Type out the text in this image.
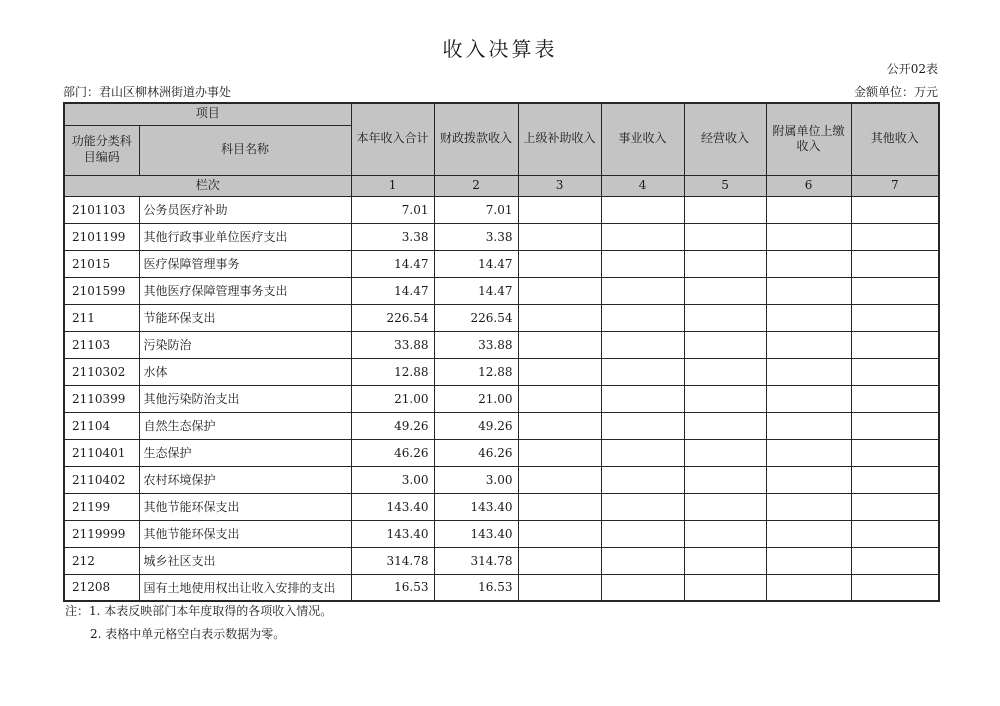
收入决算表
公开02表
部门：君山区柳林洲街道办事处	金额单位：万元
项目		本年收入合计	财政拨款收入	上级补助收入	事业收入	经营收入	附属单位上缴收入	其他收入
功能分类科目编码	科目名称							
栏次		1	2	3	4	5	6	7
2101103	公务员医疗补助	7.01	7.01					
2101199	其他行政事业单位医疗支出	3.38	3.38					
21015	医疗保障管理事务	14.47	14.47					
2101599	其他医疗保障管理事务支出	14.47	14.47					
211	节能环保支出	226.54	226.54					
21103	污染防治	33.88	33.88					
2110302	水体	12.88	12.88					
2110399	其他污染防治支出	21.00	21.00					
21104	自然生态保护	49.26	49.26					
2110401	生态保护	46.26	46.26					
2110402	农村环境保护	3.00	3.00					
21199	其他节能环保支出	143.40	143.40					
2119999	其他节能环保支出	143.40	143.40					
212	城乡社区支出	314.78	314.78					
21208	国有土地使用权出让收入安排的支出	16.53	16.53					
注：1. 本表反映部门本年度取得的各项收入情况。
2. 表格中单元格空白表示数据为零。
